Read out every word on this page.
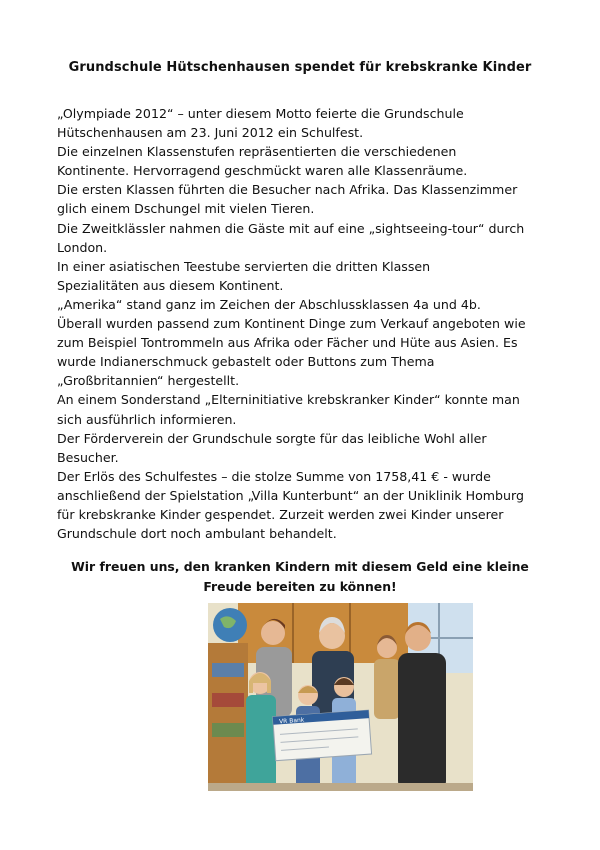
Grundschule Hütschenhausen spendet für krebskranke Kinder

„Olympiade 2012“ – unter diesem Motto feierte die Grundschule
Hütschenhausen am 23. Juni 2012 ein Schulfest.

Die einzelnen Klassenstufen repräsentierten die verschiedenen
Kontinente. Hervorragend geschmückt waren alle Klassenräume.

Die ersten Klassen führten die Besucher nach Afrika. Das Klassenzimmer
glich einem Dschungel mit vielen Tieren.

Die Zweitklässler nahmen die Gäste mit auf eine „sightseeing-tour“ durch
London.

In einer asiatischen Teestube servierten die dritten Klassen
Spezialitäten aus diesem Kontinent.

„Amerika“ stand ganz im Zeichen der Abschlussklassen 4a und 4b.

Überall wurden passend zum Kontinent Dinge zum Verkauf angeboten wie
zum Beispiel Tontrommeln aus Afrika oder Fächer und Hüte aus Asien. Es
wurde Indianerschmuck gebastelt oder Buttons zum Thema
„Großbritannien“ hergestellt.

An einem Sonderstand „Elterninitiative krebskranker Kinder“ konnte man
sich ausführlich informieren.

Der Förderverein der Grundschule sorgte für das leibliche Wohl aller
Besucher.

Der Erlös des Schulfestes – die stolze Summe von 1758,41 € - wurde
anschließend der Spielstation „Villa Kunterbunt“ an der Uniklinik Homburg
für krebskranke Kinder gespendet. Zurzeit werden zwei Kinder unserer
Grundschule dort noch ambulant behandelt.

Wir freuen uns, den kranken Kindern mit diesem Geld eine kleine
Freude bereiten zu können!
VR Bank
